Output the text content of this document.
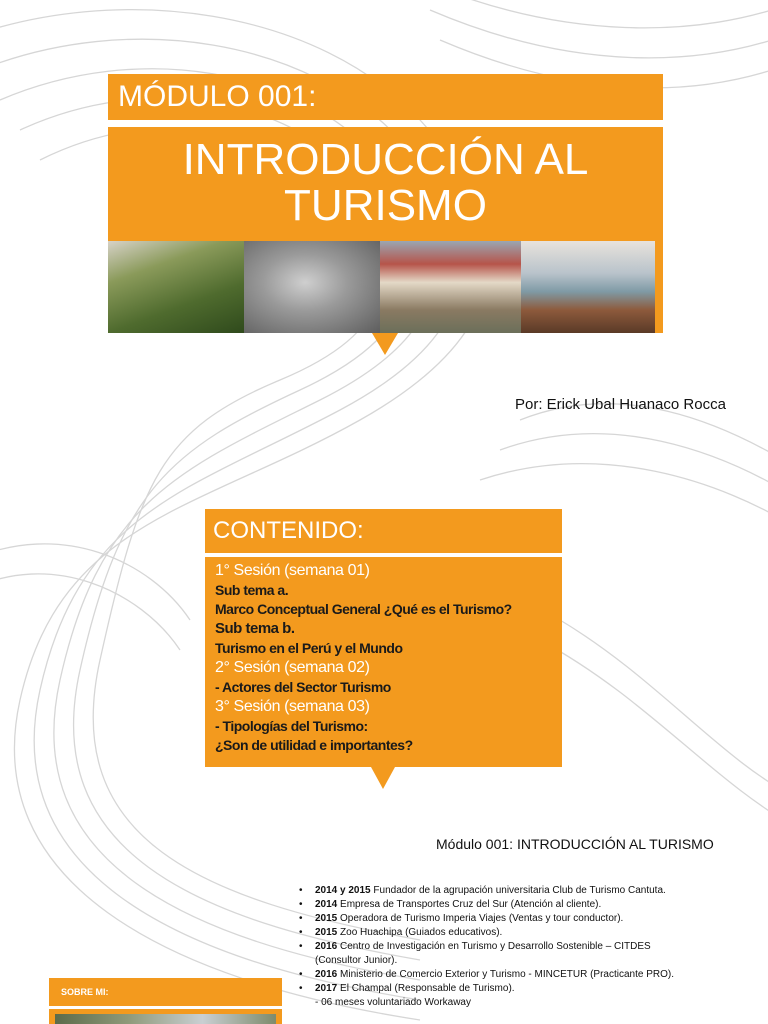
MÓDULO 001:
INTRODUCCIÓN AL
TURISMO
Por: Erick Ubal Huanaco Rocca
CONTENIDO:
1° Sesión (semana 01)
Sub tema a.
Marco Conceptual General ¿Qué es el Turismo?
Sub tema b.
Turismo en el Perú y el Mundo
2° Sesión (semana 02)
- Actores del Sector Turismo
3° Sesión (semana 03)
- Tipologías del Turismo:
¿Son de utilidad e importantes?
Módulo 001: INTRODUCCIÓN AL TURISMO
• 2014 y 2015 Fundador de la agrupación universitaria Club de Turismo Cantuta.
• 2014 Empresa de Transportes Cruz del Sur (Atención al cliente).
• 2015 Operadora de Turismo Imperia Viajes (Ventas y tour conductor).
• 2015 Zoo Huachipa (Guiados educativos).
• 2016 Centro de Investigación en Turismo y Desarrollo Sostenible – CITDES
(Consultor Junior).
• 2016 Ministerio de Comercio Exterior y Turismo - MINCETUR (Practicante PRO).
• 2017 El Champal (Responsable de Turismo).
- 06 meses voluntariado Workaway
SOBRE MI:
